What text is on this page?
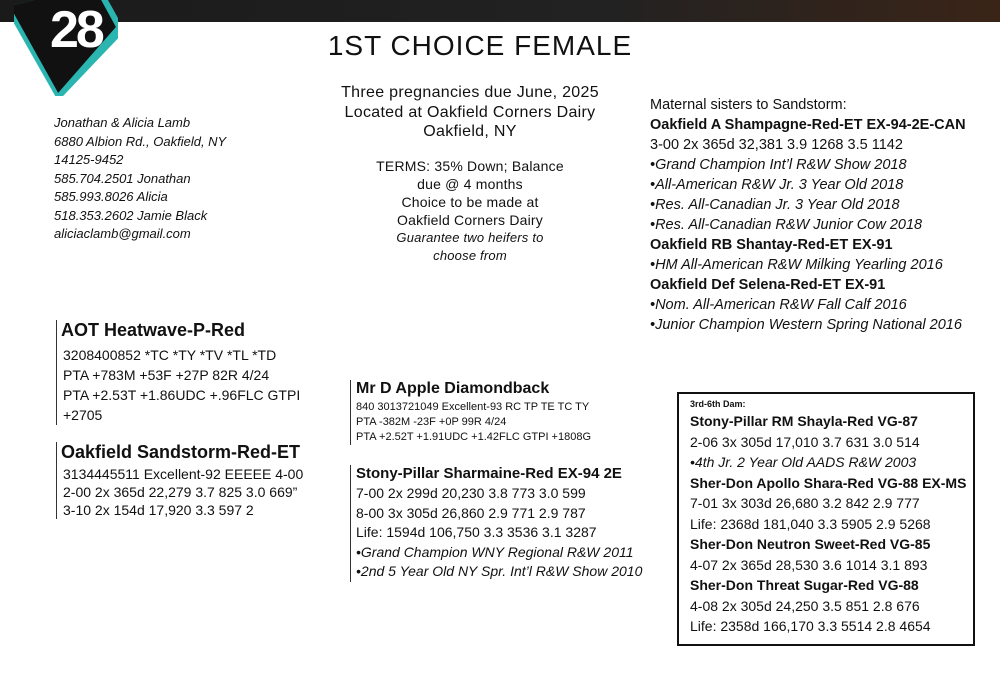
28	1ST CHOICE FEMALE
Jonathan & Alicia Lamb
6880 Albion Rd., Oakfield, NY
14125-9452
585.704.2501 Jonathan
585.993.8026 Alicia
518.353.2602 Jamie Black
aliciaclamb@gmail.com
Three pregnancies due June, 2025
Located at Oakfield Corners Dairy
Oakfield, NY
TERMS: 35% Down; Balance
due @ 4 months
Choice to be made at
Oakfield Corners Dairy
Guarantee two heifers to
choose from
Maternal sisters to Sandstorm:
Oakfield A Shampagne-Red-ET EX-94-2E-CAN
3-00 2x 365d 32,381 3.9 1268 3.5 1142
•Grand Champion Int’l R&W Show 2018
•All-American R&W Jr. 3 Year Old 2018
•Res. All-Canadian Jr. 3 Year Old 2018
•Res. All-Canadian R&W Junior Cow 2018
Oakfield RB Shantay-Red-ET EX-91
•HM All-American R&W Milking Yearling 2016
Oakfield Def Selena-Red-ET EX-91
•Nom. All-American R&W Fall Calf 2016
•Junior Champion Western Spring National 2016
AOT Heatwave-P-Red
3208400852 *TC *TY *TV *TL *TD
PTA +783M +53F +27P 82R 4/24
PTA +2.53T +1.86UDC +.96FLC GTPI
+2705
Oakfield Sandstorm-Red-ET
3134445511 Excellent-92 EEEEE 4-00
2-00 2x 365d 22,279 3.7 825 3.0 669”
3-10 2x 154d 17,920 3.3 597 2
Mr D Apple Diamondback
840 3013721049 Excellent-93 RC TP TE TC TY
PTA -382M -23F +0P 99R 4/24
PTA +2.52T +1.91UDC +1.42FLC GTPI +1808G
Stony-Pillar Sharmaine-Red EX-94 2E
7-00 2x 299d 20,230 3.8 773 3.0 599
8-00 3x 305d 26,860 2.9 771 2.9 787
Life: 1594d 106,750 3.3 3536 3.1 3287
•Grand Champion WNY Regional R&W 2011
•2nd 5 Year Old NY Spr. Int’l R&W Show 2010
3rd-6th Dam:
Stony-Pillar RM Shayla-Red VG-87
2-06 3x 305d 17,010 3.7 631 3.0 514
•4th Jr. 2 Year Old AADS R&W 2003
Sher-Don Apollo Shara-Red VG-88 EX-MS
7-01 3x 303d 26,680 3.2 842 2.9 777
Life: 2368d 181,040 3.3 5905 2.9 5268
Sher-Don Neutron Sweet-Red VG-85
4-07 2x 365d 28,530 3.6 1014 3.1 893
Sher-Don Threat Sugar-Red VG-88
4-08 2x 305d 24,250 3.5 851 2.8 676
Life: 2358d 166,170 3.3 5514 2.8 4654
